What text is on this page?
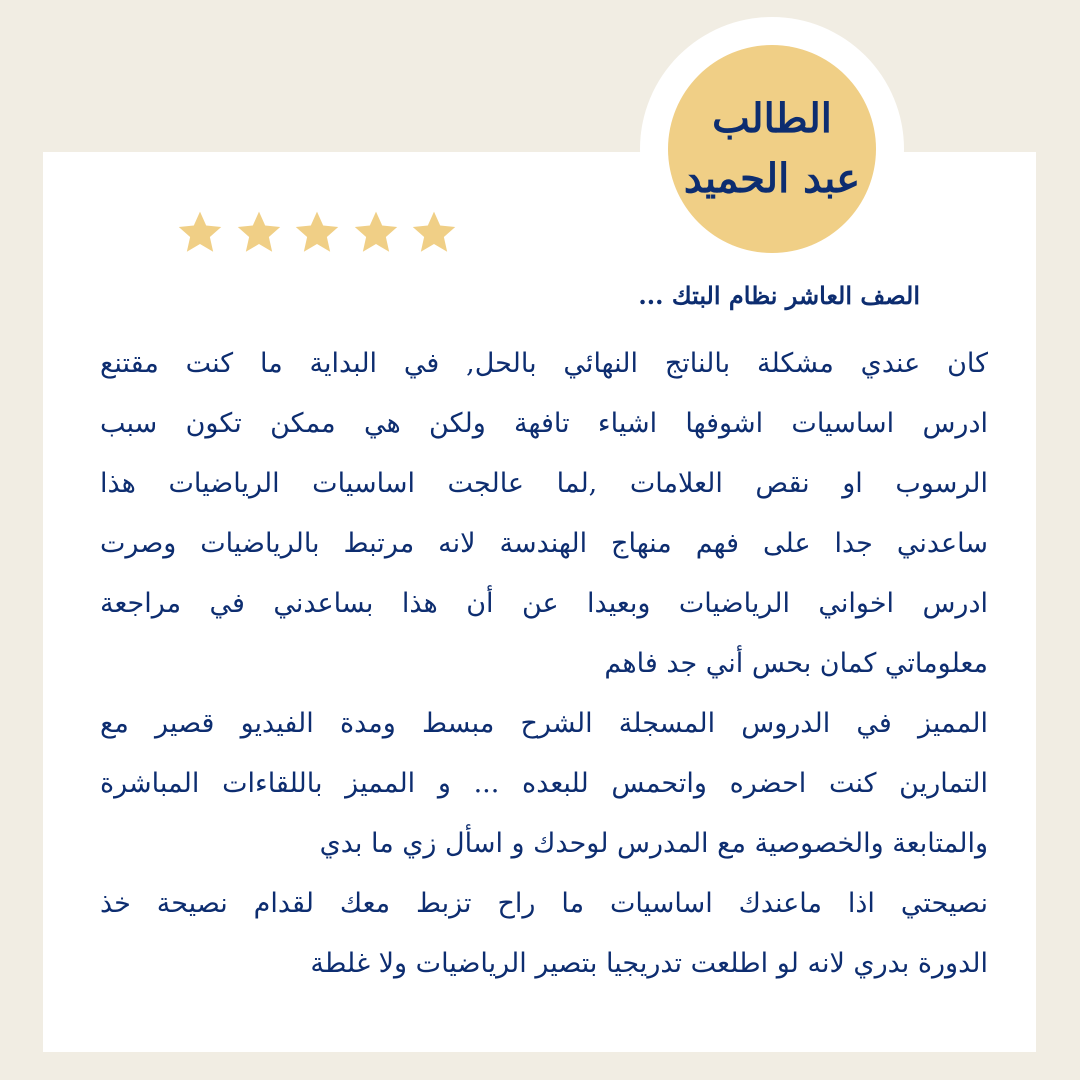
الطالب
عبد الحميد
الصف العاشر نظام البتك ...
كان عندي مشكلة بالناتج النهائي بالحل, في البداية ما كنت مقتنع
ادرس اساسيات اشوفها اشياء تافهة ولكن هي ممكن تكون سبب
الرسوب او نقص العلامات ,لما عالجت اساسيات الرياضيات هذا
ساعدني جدا على فهم منهاج الهندسة لانه مرتبط بالرياضيات وصرت
ادرس اخواني الرياضيات وبعيدا عن أن هذا بساعدني في مراجعة
معلوماتي كمان بحس أني جد فاهم
المميز في الدروس المسجلة الشرح مبسط ومدة الفيديو قصير مع
التمارين كنت احضره واتحمس للبعده ... و المميز باللقاءات المباشرة
والمتابعة والخصوصية مع المدرس لوحدك و اسأل زي ما بدي
نصيحتي اذا ماعندك اساسيات ما راح تزبط معك لقدام نصيحة خذ
الدورة بدري لانه لو اطلعت تدريجيا بتصير الرياضيات ولا غلطة
